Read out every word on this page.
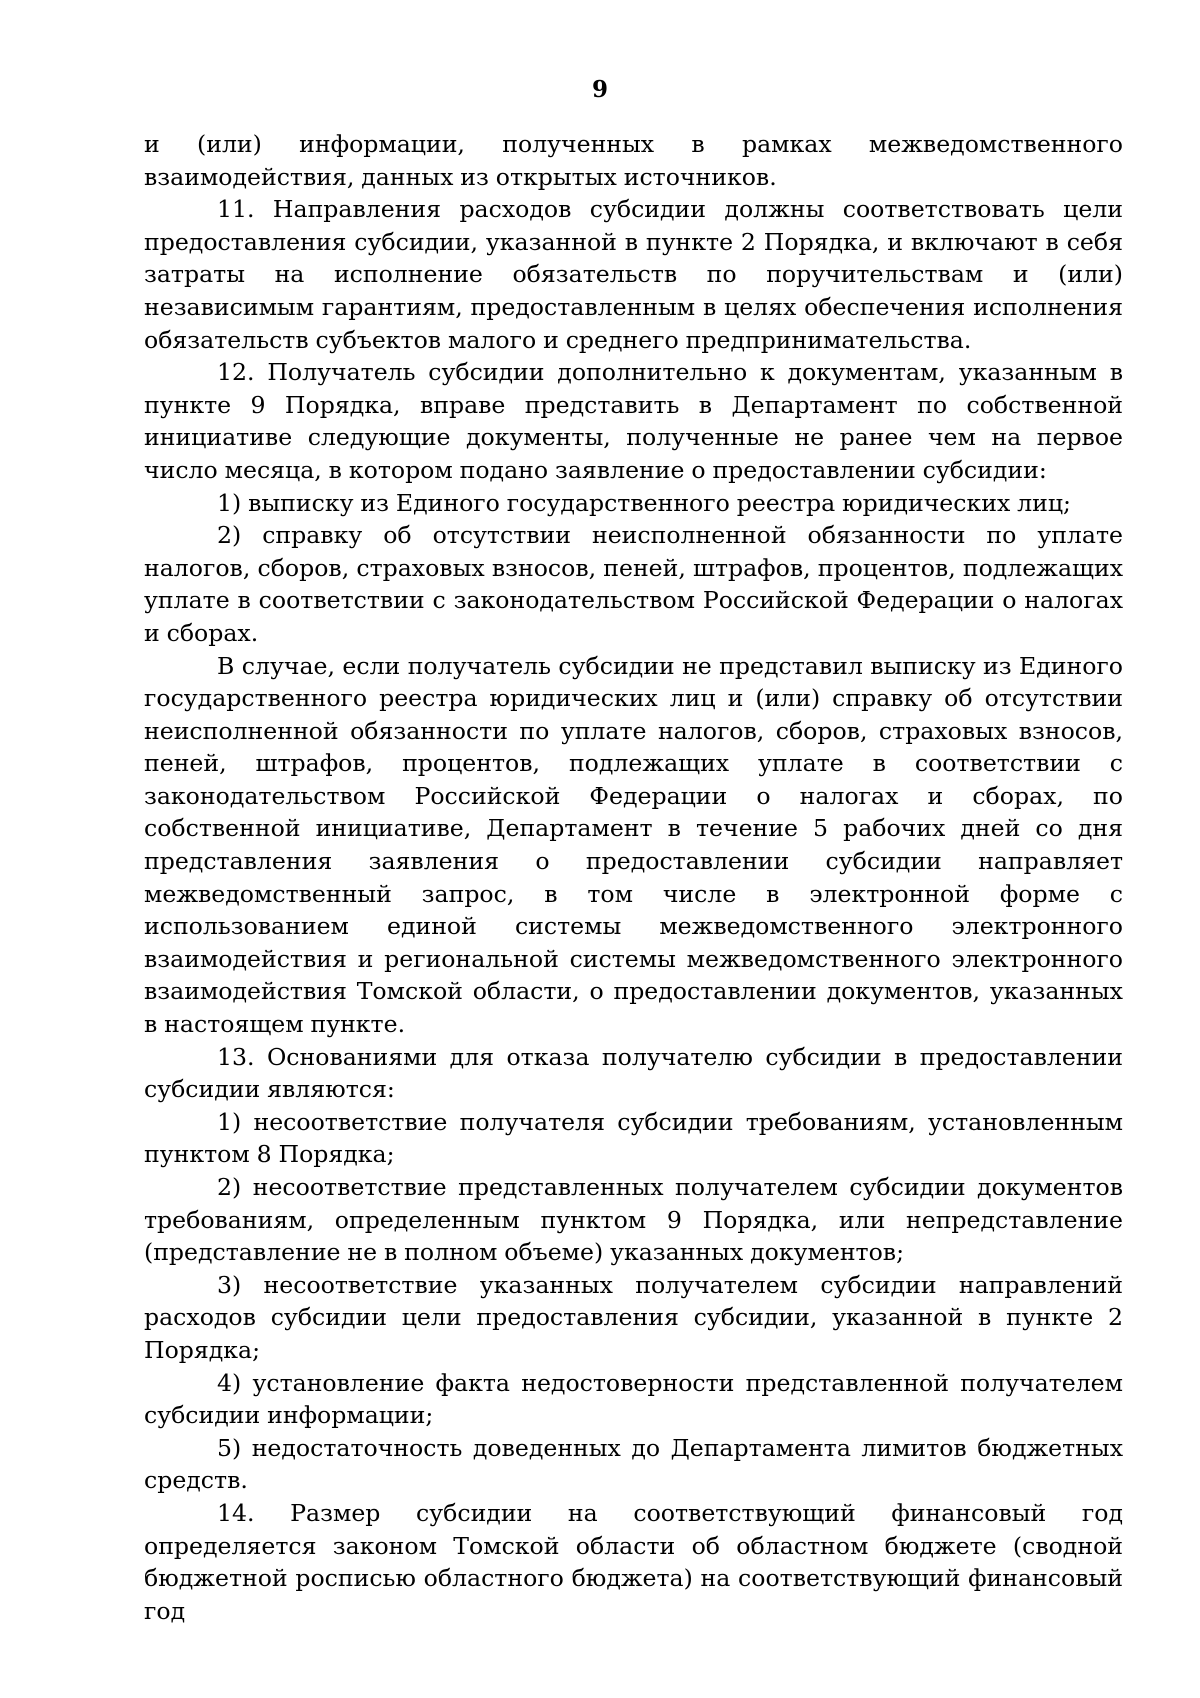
9

и (или) информации, полученных в рамках межведомственного взаимодействия, данных из открытых источников.

11. Направления расходов субсидии должны соответствовать цели предоставления субсидии, указанной в пункте 2 Порядка, и включают в себя затраты на исполнение обязательств по поручительствам и (или) независимым гарантиям, предоставленным в целях обеспечения исполнения обязательств субъектов малого и среднего предпринимательства.

12. Получатель субсидии дополнительно к документам, указанным в пункте 9 Порядка, вправе представить в Департамент по собственной инициативе следующие документы, полученные не ранее чем на первое число месяца, в котором подано заявление о предоставлении субсидии:

1) выписку из Единого государственного реестра юридических лиц;

2) справку об отсутствии неисполненной обязанности по уплате налогов, сборов, страховых взносов, пеней, штрафов, процентов, подлежащих уплате в соответствии с законодательством Российской Федерации о налогах и сборах.

В случае, если получатель субсидии не представил выписку из Единого государственного реестра юридических лиц и (или) справку об отсутствии неисполненной обязанности по уплате налогов, сборов, страховых взносов, пеней, штрафов, процентов, подлежащих уплате в соответствии с законодательством Российской Федерации о налогах и сборах, по собственной инициативе, Департамент в течение 5 рабочих дней со дня представления заявления о предоставлении субсидии направляет межведомственный запрос, в том числе в электронной форме с использованием единой системы межведомственного электронного взаимодействия и региональной системы межведомственного электронного взаимодействия Томской области, о предоставлении документов, указанных в настоящем пункте.

13. Основаниями для отказа получателю субсидии в предоставлении субсидии являются:

1) несоответствие получателя субсидии требованиям, установленным пунктом 8 Порядка;

2) несоответствие представленных получателем субсидии документов требованиям, определенным пунктом 9 Порядка, или непредставление (представление не в полном объеме) указанных документов;

3) несоответствие указанных получателем субсидии направлений расходов субсидии цели предоставления субсидии, указанной в пункте 2 Порядка;

4) установление факта недостоверности представленной получателем субсидии информации;

5) недостаточность доведенных до Департамента лимитов бюджетных средств.

14. Размер субсидии на соответствующий финансовый год определяется законом Томской области об областном бюджете (сводной бюджетной росписью областного бюджета) на соответствующий финансовый год
